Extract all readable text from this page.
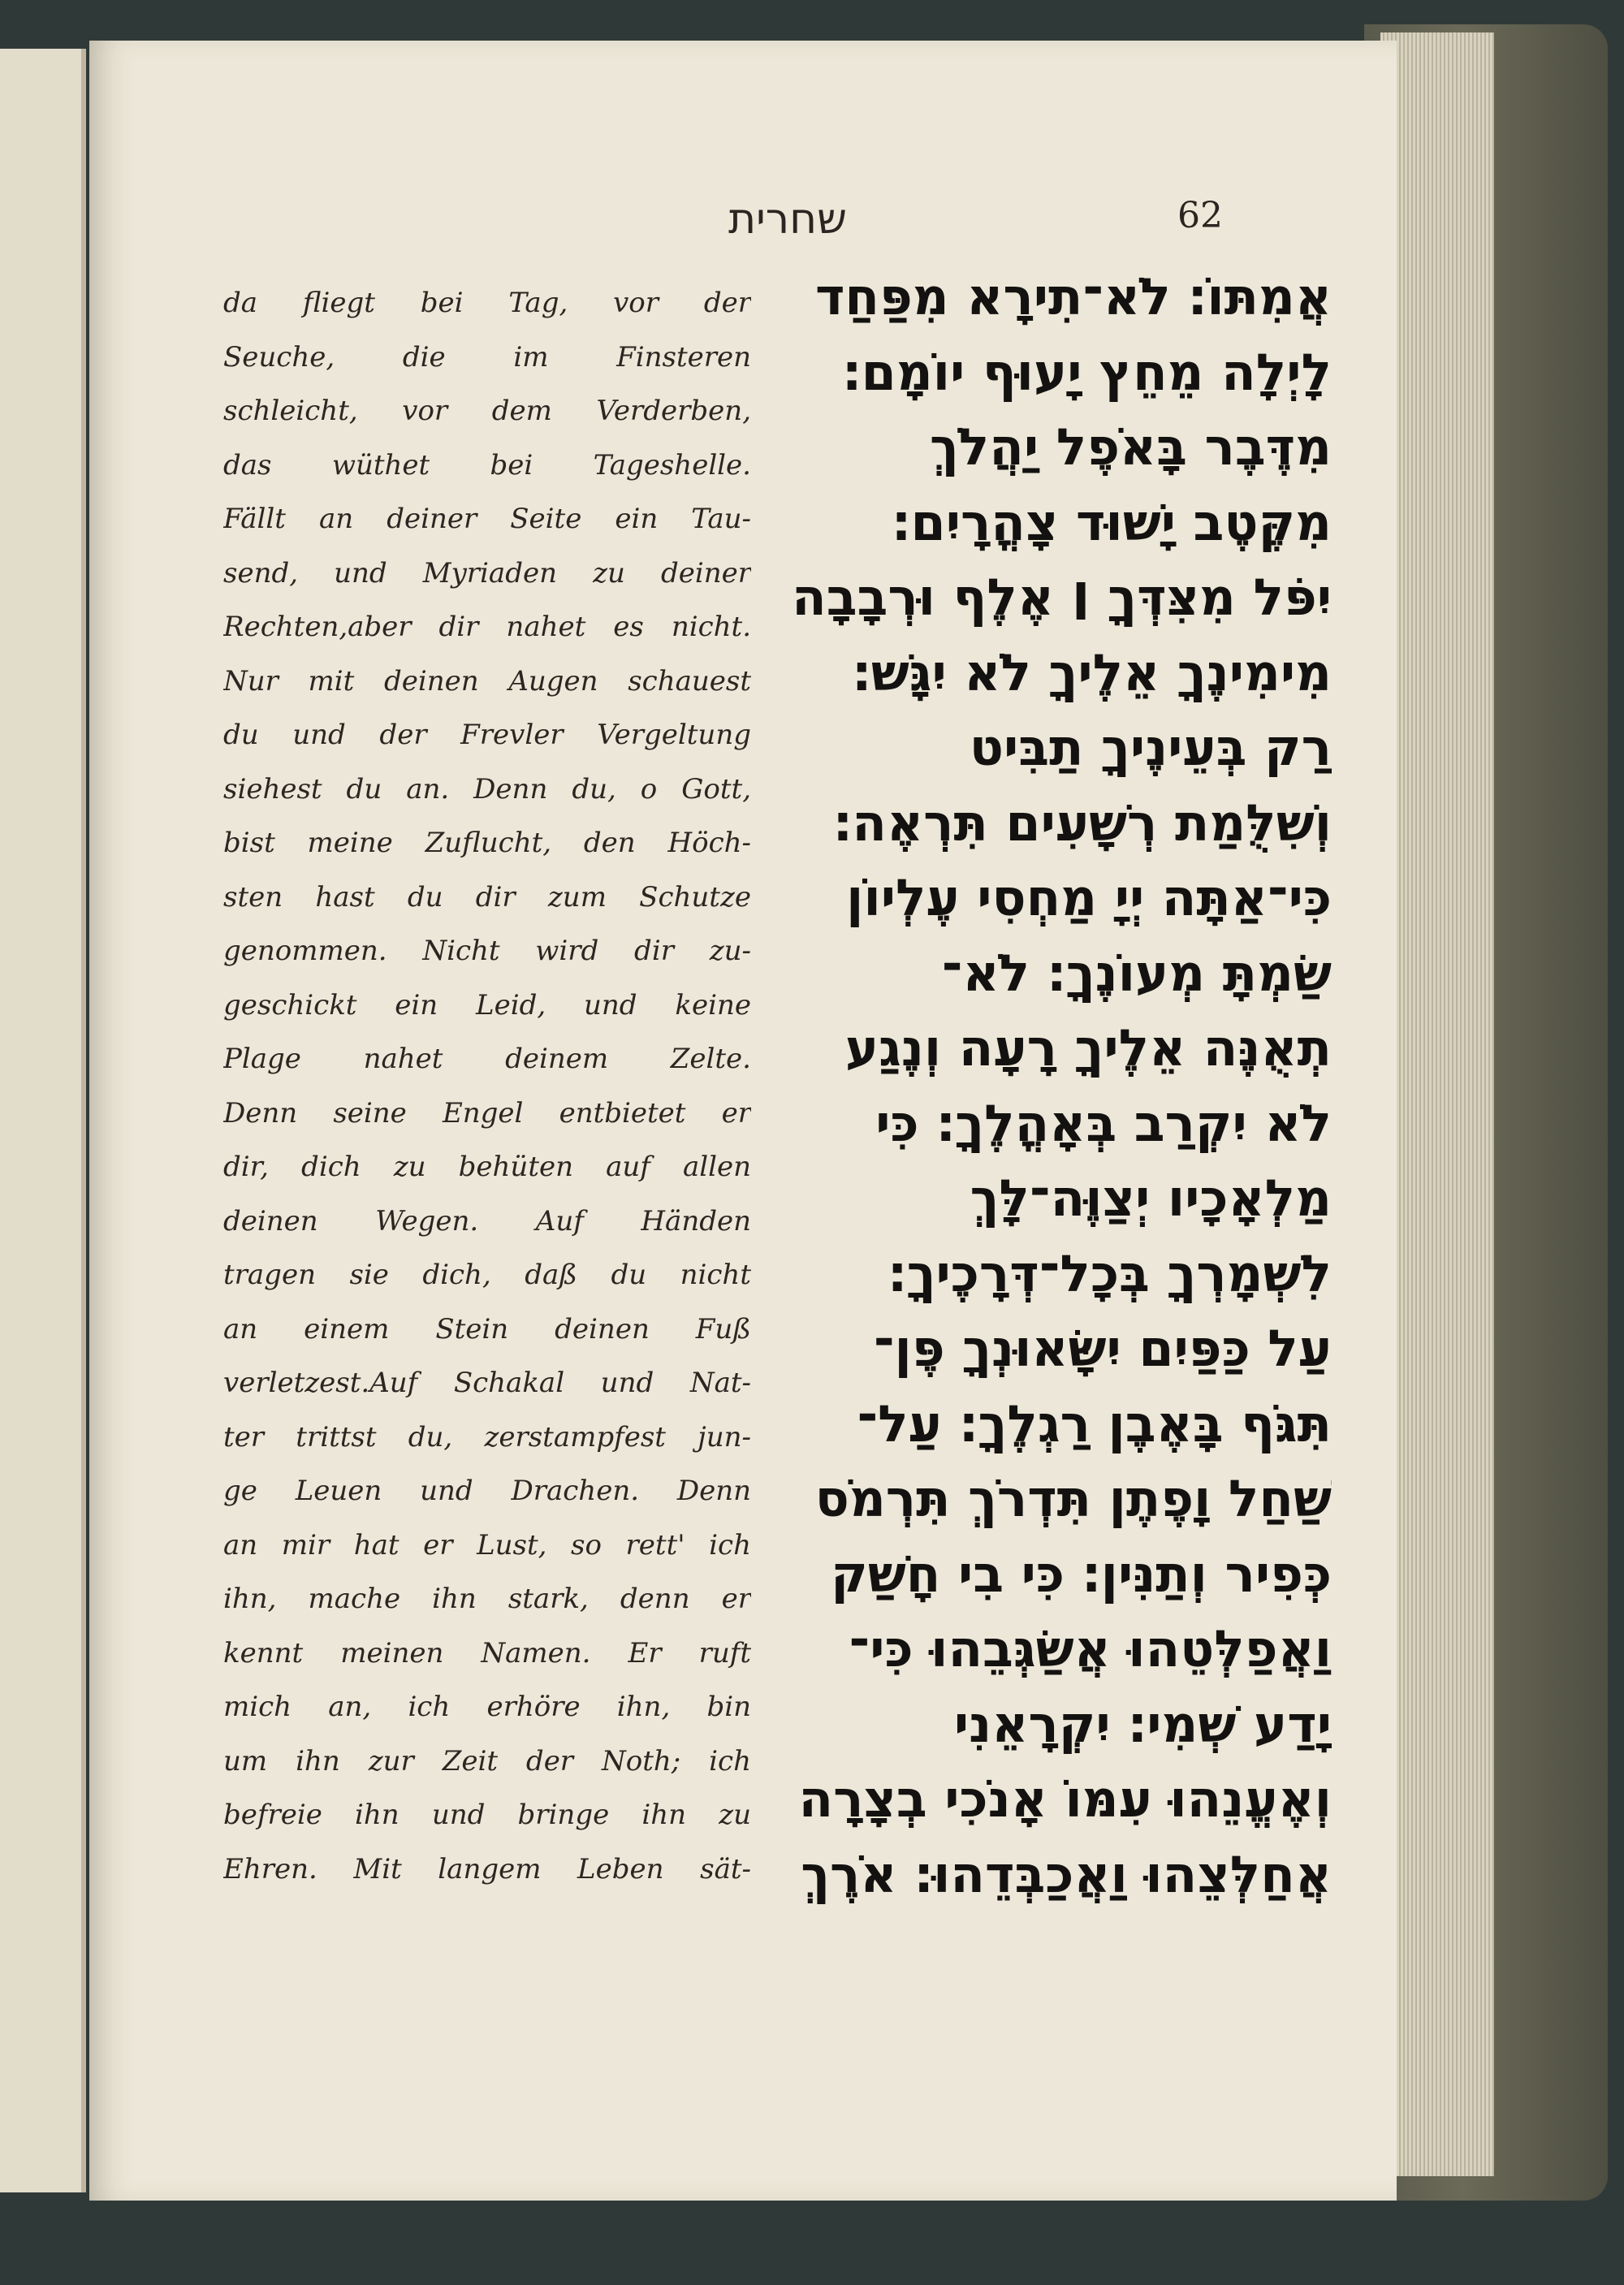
שחרית	62
da fliegt bei Tag, vor der
Seuche, die im Finsteren
schleicht, vor dem Verderben,
das wüthet bei Tageshelle.
Fällt an deiner Seite ein Tau-
send, und Myriaden zu deiner
Rechten,aber dir nahet es nicht.
Nur mit deinen Augen schauest
du und der Frevler Vergeltung
siehest du an. Denn du, o Gott,
bist meine Zuflucht, den Höch-
sten hast du dir zum Schutze
genommen. Nicht wird dir zu-
geschickt ein Leid, und keine
Plage nahet deinem Zelte.
Denn seine Engel entbietet er
dir, dich zu behüten auf allen
deinen Wegen. Auf Händen
tragen sie dich, daß du nicht
an einem Stein deinen Fuß
verletzest.Auf Schakal und Nat-
ter trittst du, zerstampfest jun-
ge Leuen und Drachen. Denn
an mir hat er Lust, so rett' ich
ihn, mache ihn stark, denn er
kennt meinen Namen. Er ruft
mich an, ich erhöre ihn, bin
um ihn zur Zeit der Noth; ich
befreie ihn und bringe ihn zu
Ehren. Mit langem Leben sät-
אֲמִתּוֹ׃ לֹא־תִירָא מִפַּחַד
לָיְלָה מֵחֵץ יָעוּף יוֹמָם׃
מִדֶּבֶר בָּאֹפֶל יַהֲלֹךְ
מִקֶּטֶב יָשׁוּד צָהֳרָיִם׃
יִפֹּל מִצִּדְּךָ ׀ אֶלֶף וּרְבָבָה
מִימִינֶךָ אֵלֶיךָ לֹא יִגָּשׁ׃
רַק בְּעֵינֶיךָ תַבִּיט
וְשִׁלֻּמַת רְשָׁעִים תִּרְאֶה׃
כִּי־אַתָּה יְיָ מַחְסִי עֶלְיוֹן
שַׂמְתָּ מְעוֹנֶךָ׃ לֹא־
תְאֻנֶּה אֵלֶיךָ רָעָה וְנֶגַע
לֹא יִקְרַב בְּאָהֳלֶךָ׃ כִּי
מַלְאָכָיו יְצַוֶּה־לָּךְ
לִשְׁמָרְךָ בְּכָל־דְּרָכֶיךָ׃
עַל כַּפַּיִם יִשָּׂאוּנְךָ פֶּן־
תִּגֹּף בָּאֶבֶן רַגְלֶךָ׃ עַל־
שַׁחַל וָפֶתֶן תִּדְרֹךְ תִּרְמֹס
כְּפִיר וְתַנִּין׃ כִּי בִי חָשַׁק
וַאֲפַלְּטֵהוּ אֲשַׂגְּבֵהוּ כִּי־
יָדַע שְׁמִי׃ יִקְרָאֵנִי
וְאֶעֱנֵהוּ עִמּוֹ אָנֹכִי בְצָרָה
אֲחַלְּצֵהוּ וַאֲכַבְּדֵהוּ׃ אֹרֶךְ
